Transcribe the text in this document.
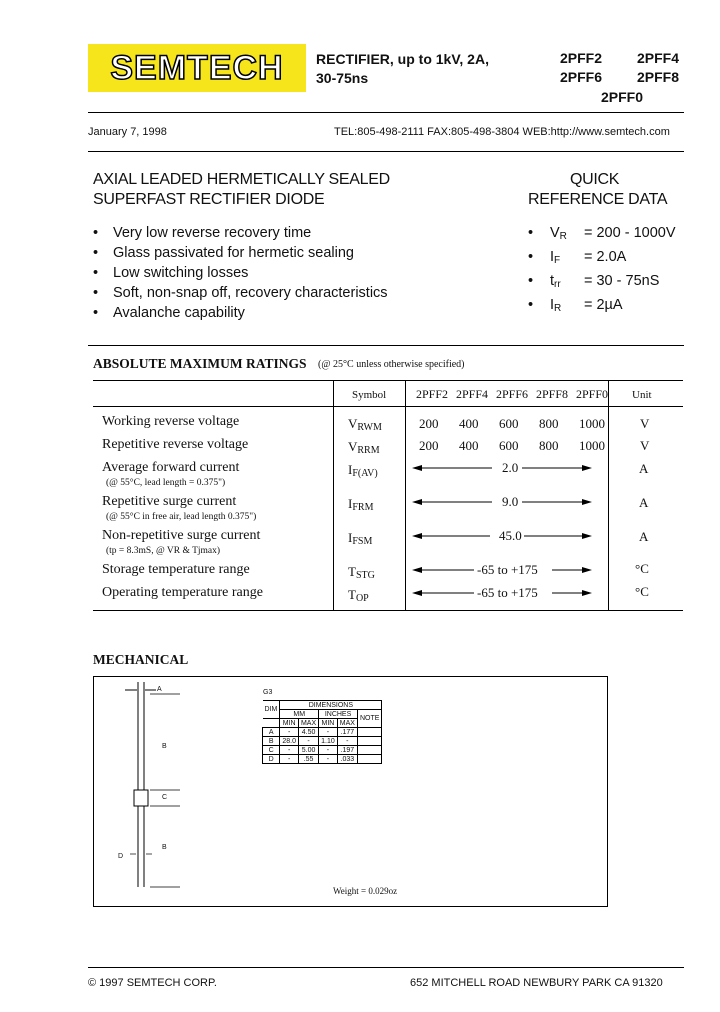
SEMTECH	RECTIFIER, up to 1kV, 2A,
30-75ns
2PFF2 2PFF4
2PFF6 2PFF8
2PFF0
January 7, 1998	TEL:805-498-2111 FAX:805-498-3804 WEB:http://www.semtech.com
AXIAL LEADED HERMETICALLY SEALED
SUPERFAST RECTIFIER DIODE
• Very low reverse recovery time
• Glass passivated for hermetic sealing
• Low switching losses
• Soft, non-snap off, recovery characteristics
• Avalanche capability
QUICK
REFERENCE DATA
• $V_R = 200 - 1000V$
• $I_F = 2.0A$
• $t_{rr} = 30 - 75nS$
• $I_R = 2\mu A$
ABSOLUTE MAXIMUM RATINGS (@ 25°C unless otherwise specified)
Symbol 2PFF2 2PFF4 2PFF6 2PFF8 2PFF0 Unit
Working reverse voltage	$V_{RWM}$	200 400 600 800 1000	V
Repetitive reverse voltage	$V_{RRM}$	200 400 600 800 1000	V
Average forward current
(@ 55°C, lead length = 0.375")
$I_{F(AV)}$	2.0	A
Repetitive surge current
(@ 55°C in free air, lead length 0.375")
$I_{FRM}$	9.0	A
Non-repetitive surge current
(tp = 8.3mS, @ VR & Tjmax)
$I_{FSM}$	45.0	A
Storage temperature range	$T_{STG}$	-65 to +175	°C
Operating temperature range	$T_{OP}$	-65 to +175	°C
MECHANICAL
A
B
C
B
D
G3
DIM	DIMENSIONS				
	MM		INCHES		NOTE
	MIN	MAX	MIN	MAX	
A	-	4.50	-	.177	
B	28.0	-	1.10	-	
C	-	5.00	-	.197	
D	-	.55	-	.033	
Weight = 0.029oz
© 1997 SEMTECH CORP.	652 MITCHELL ROAD NEWBURY PARK CA 91320
